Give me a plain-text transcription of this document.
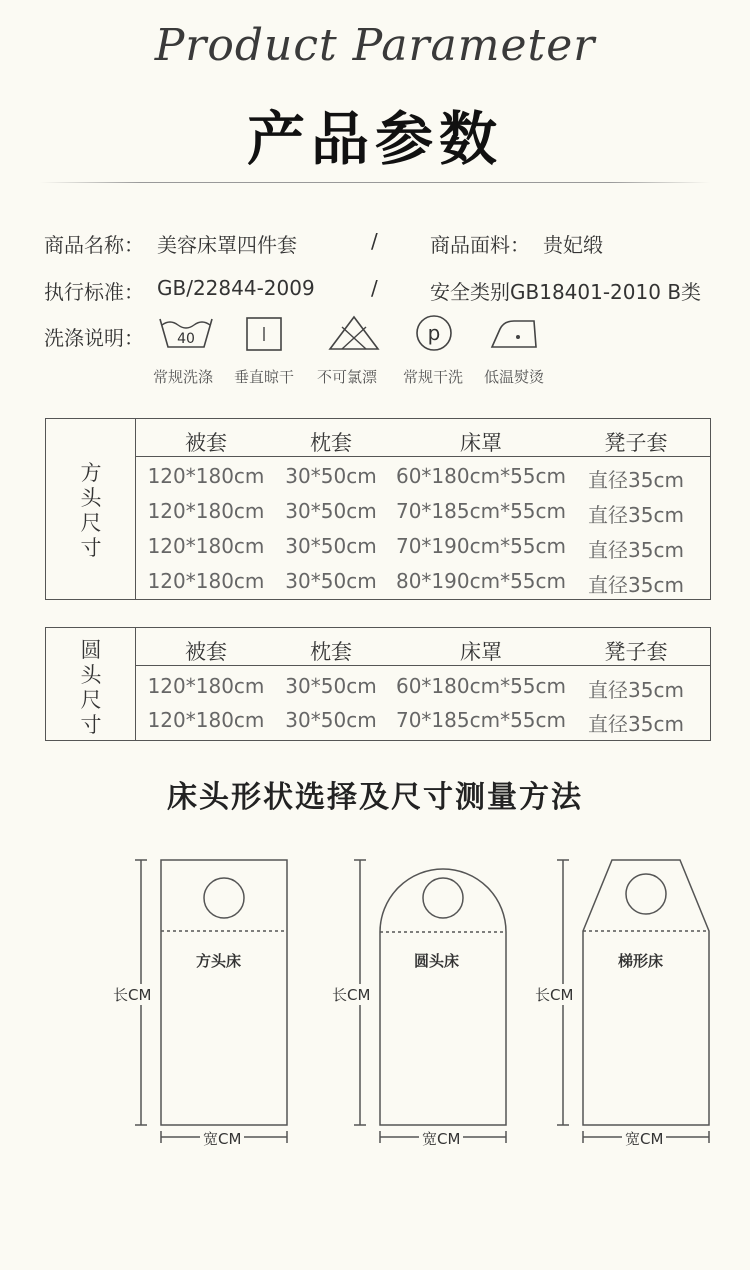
Product Parameter
产品参数
商品名称： 美容床罩四件套	/	商品面料： 贵妃缎
执行标准： GB/22844-2009	/	安全类别GB18401-2010 B类
洗涤说明： 40	p
常规洗涤	垂直晾干	不可氯漂	常规干洗	低温熨烫
方
头
尺
寸
被套	枕套	床罩	凳子套
120*180cm	30*50cm 60*180cm*55cm	直径35cm
120*180cm	30*50cm 70*185cm*55cm	直径35cm
120*180cm	30*50cm 70*190cm*55cm	直径35cm
120*180cm	30*50cm 80*190cm*55cm	直径35cm
圆
头
尺
寸
被套	枕套	床罩	凳子套
120*180cm	30*50cm 60*180cm*55cm	直径35cm
120*180cm	30*50cm 70*185cm*55cm	直径35cm
床头形状选择及尺寸测量方法
方头床	圆头床	梯形床
长CM	长CM	长CM
宽CM	宽CM	宽CM
